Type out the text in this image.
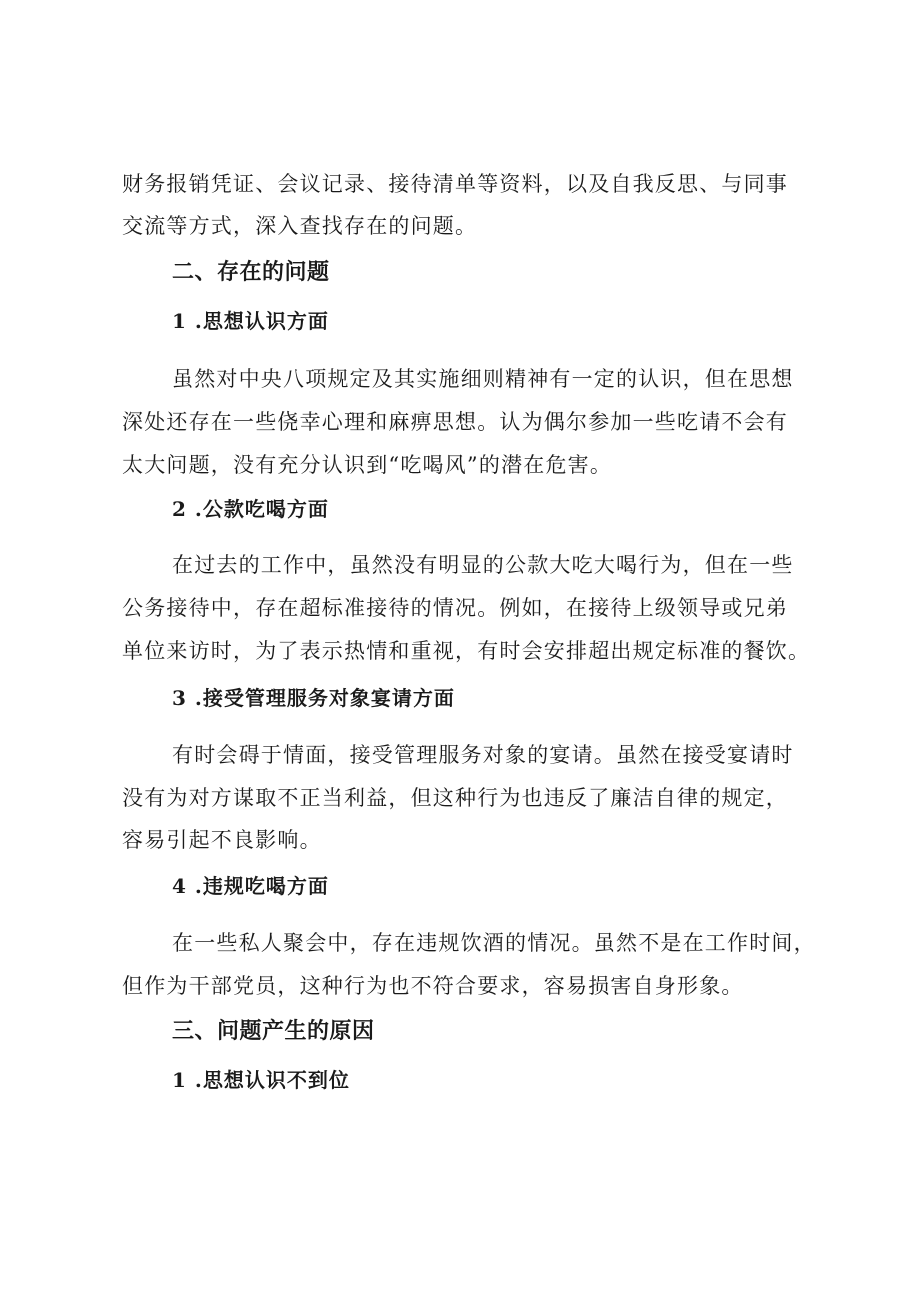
财务报销凭证、会议记录、接待清单等资料，以及自我反思、与同事

交流等方式，深入查找存在的问题。

二、存在的问题
1 .思想认识方面

虽然对中央八项规定及其实施细则精神有一定的认识，但在思想

深处还存在一些侥幸心理和麻痹思想。认为偶尔参加一些吃请不会有

太大问题，没有充分认识到“吃喝风”的潜在危害。

2 .公款吃喝方面

在过去的工作中，虽然没有明显的公款大吃大喝行为，但在一些

公务接待中，存在超标准接待的情况。例如，在接待上级领导或兄弟

单位来访时，为了表示热情和重视，有时会安排超出规定标准的餐饮。

3 .接受管理服务对象宴请方面

有时会碍于情面，接受管理服务对象的宴请。虽然在接受宴请时

没有为对方谋取不正当利益，但这种行为也违反了廉洁自律的规定，

容易引起不良影响。

4 .违规吃喝方面

在一些私人聚会中，存在违规饮酒的情况。虽然不是在工作时间，

但作为干部党员，这种行为也不符合要求，容易损害自身形象。

三、问题产生的原因
1 .思想认识不到位
